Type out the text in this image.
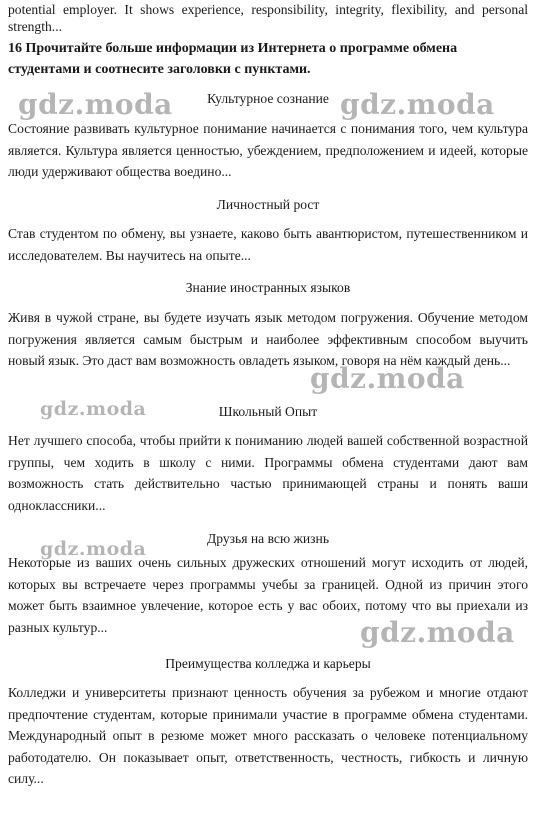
potential employer. It shows experience, responsibility, integrity, flexibility, and personal strength...

16 Прочитайте больше информации из Интернета о программе обмена студентами и соотнесите заголовки с пунктами.

Культурное сознание

Состояние развивать культурное понимание начинается с понимания того, чем культура является. Культура является ценностью, убеждением, предположением и идеей, которые люди удерживают общества воедино...

Личностный рост

Став студентом по обмену, вы узнаете, каково быть авантюристом, путешественником и исследователем. Вы научитесь на опыте...

Знание иностранных языков

Живя в чужой стране, вы будете изучать язык методом погружения. Обучение методом погружения является самым быстрым и наиболее эффективным способом выучить новый язык. Это даст вам возможность овладеть языком, говоря на нём каждый день...

Школьный Опыт

Нет лучшего способа, чтобы прийти к пониманию людей вашей собственной возрастной группы, чем ходить в школу с ними. Программы обмена студентами дают вам возможность стать действительно частью принимающей страны и понять ваши одноклассники...

Друзья на всю жизнь

Некоторые из ваших очень сильных дружеских отношений могут исходить от людей, которых вы встречаете через программы учебы за границей. Одной из причин этого может быть взаимное увлечение, которое есть у вас обоих, потому что вы приехали из разных культур...

Преимущества колледжа и карьеры

Колледжи и университеты признают ценность обучения за рубежом и многие отдают предпочтение студентам, которые принимали участие в программе обмена студентами. Международный опыт в резюме может много рассказать о человеке потенциальному работодателю. Он показывает опыт, ответственность, честность, гибкость и личную силу...

gdz.moda	gdz.moda
gdz.moda
gdz.moda
gdz.moda
gdz.moda
